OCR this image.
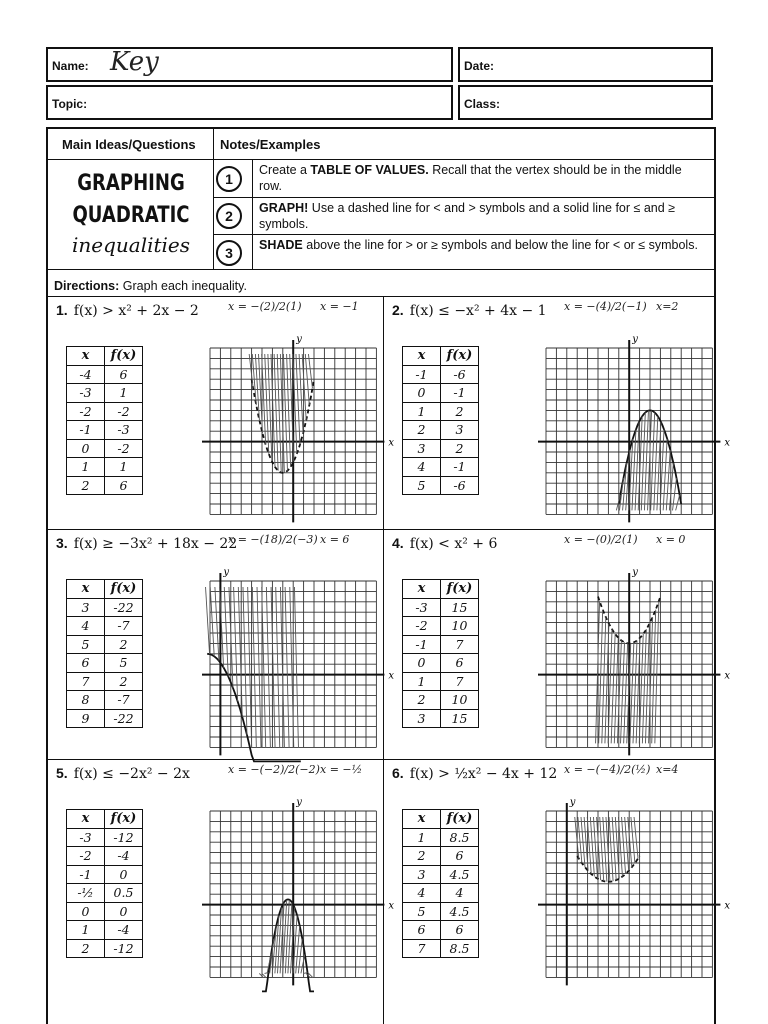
Name: Key	Date:
Topic:	Class:
Main Ideas/Questions Notes/Examples
GRAPHING
QUADRATIC
inequalities
1
Create a TABLE OF VALUES. Recall that the vertex should be in the middle row.
2	GRAPH! Use a dashed line for < and > symbols and a solid line for ≤ and ≥ symbols.
3	SHADE above the line for > or ≥ symbols and below the line for < or ≤ symbols.
Directions: Graph each inequality.
1. f(x) > x² + 2x − 2	x = −(2)/2(1) x = −1
x	f(x)
-4	6
-3	1
-2	-2
-1	-3
0	-2
1	1
2	6
x
y
2. f(x) ≤ −x² + 4x − 1 x = −(4)/2(−1) x=2
x	f(x)
-1	-6
0	-1
1	2
2	3
3	2
4	-1
5	-6
x
y
3. f(x) ≥ −3x² + 18x − 22
x = −(18)/2(−3) x = 6
x	f(x)
3	-22
4	-7
5	2
6	5
7	2
8	-7
9	-22
x
y
4. f(x) < x² + 6	x = −(0)/2(1) x = 0
x	f(x)
-3	15
-2	10
-1	7
0	6
1	7
2	10
3	15
x
y
5. f(x) ≤ −2x² − 2x	x = −(−2)/2(−2) x = −½
x	f(x)
-3	-12
-2	-4
-1	0
-½	0.5
0	0
1	-4
2	-12
x
y
6. f(x) > ½x² − 4x + 12 x = −(−4)/2(½) x=4
x	f(x)
1	8.5
2	6
3	4.5
4	4
5	4.5
6	6
7	8.5
x
y
